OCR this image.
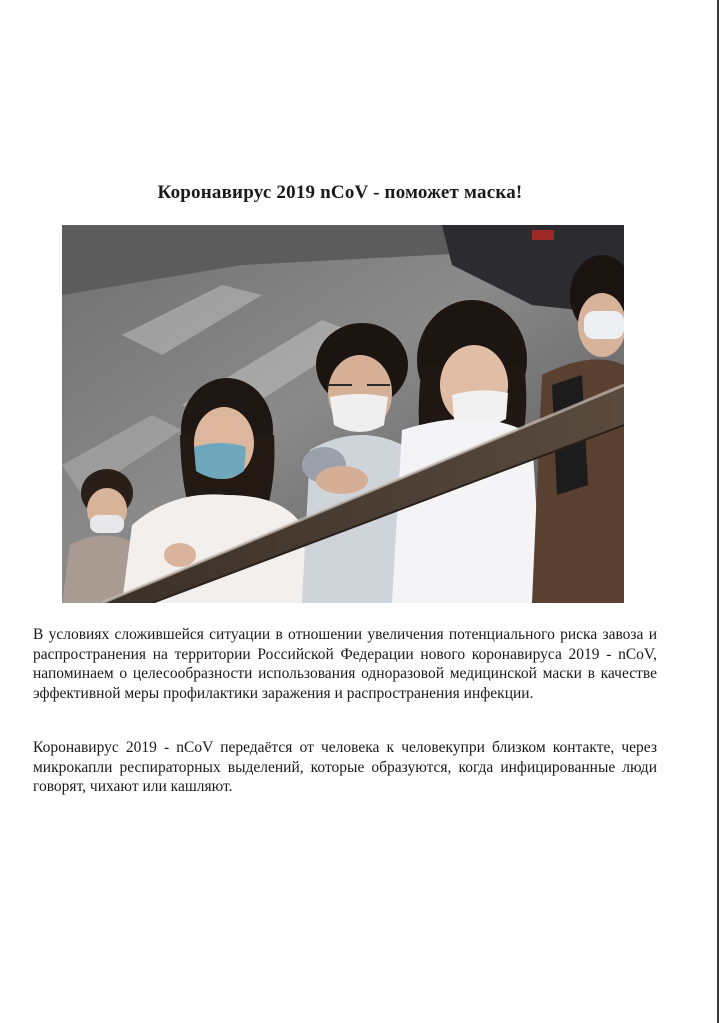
Коронавирус 2019 nCoV - поможет маска!

В условиях сложившейся ситуации в отношении увеличения потенциального риска завоза и распространения на территории Российской Федерации нового коронавируса 2019 - nCoV, напоминаем о целесообразности использования одноразовой медицинской маски в качестве эффективной меры профилактики заражения и распространения инфекции.

Коронавирус 2019 - nCoV передаётся от человека к человекупри близком контакте, через микрокапли респираторных выделений, которые образуются, когда инфицированные люди говорят, чихают или кашляют.
